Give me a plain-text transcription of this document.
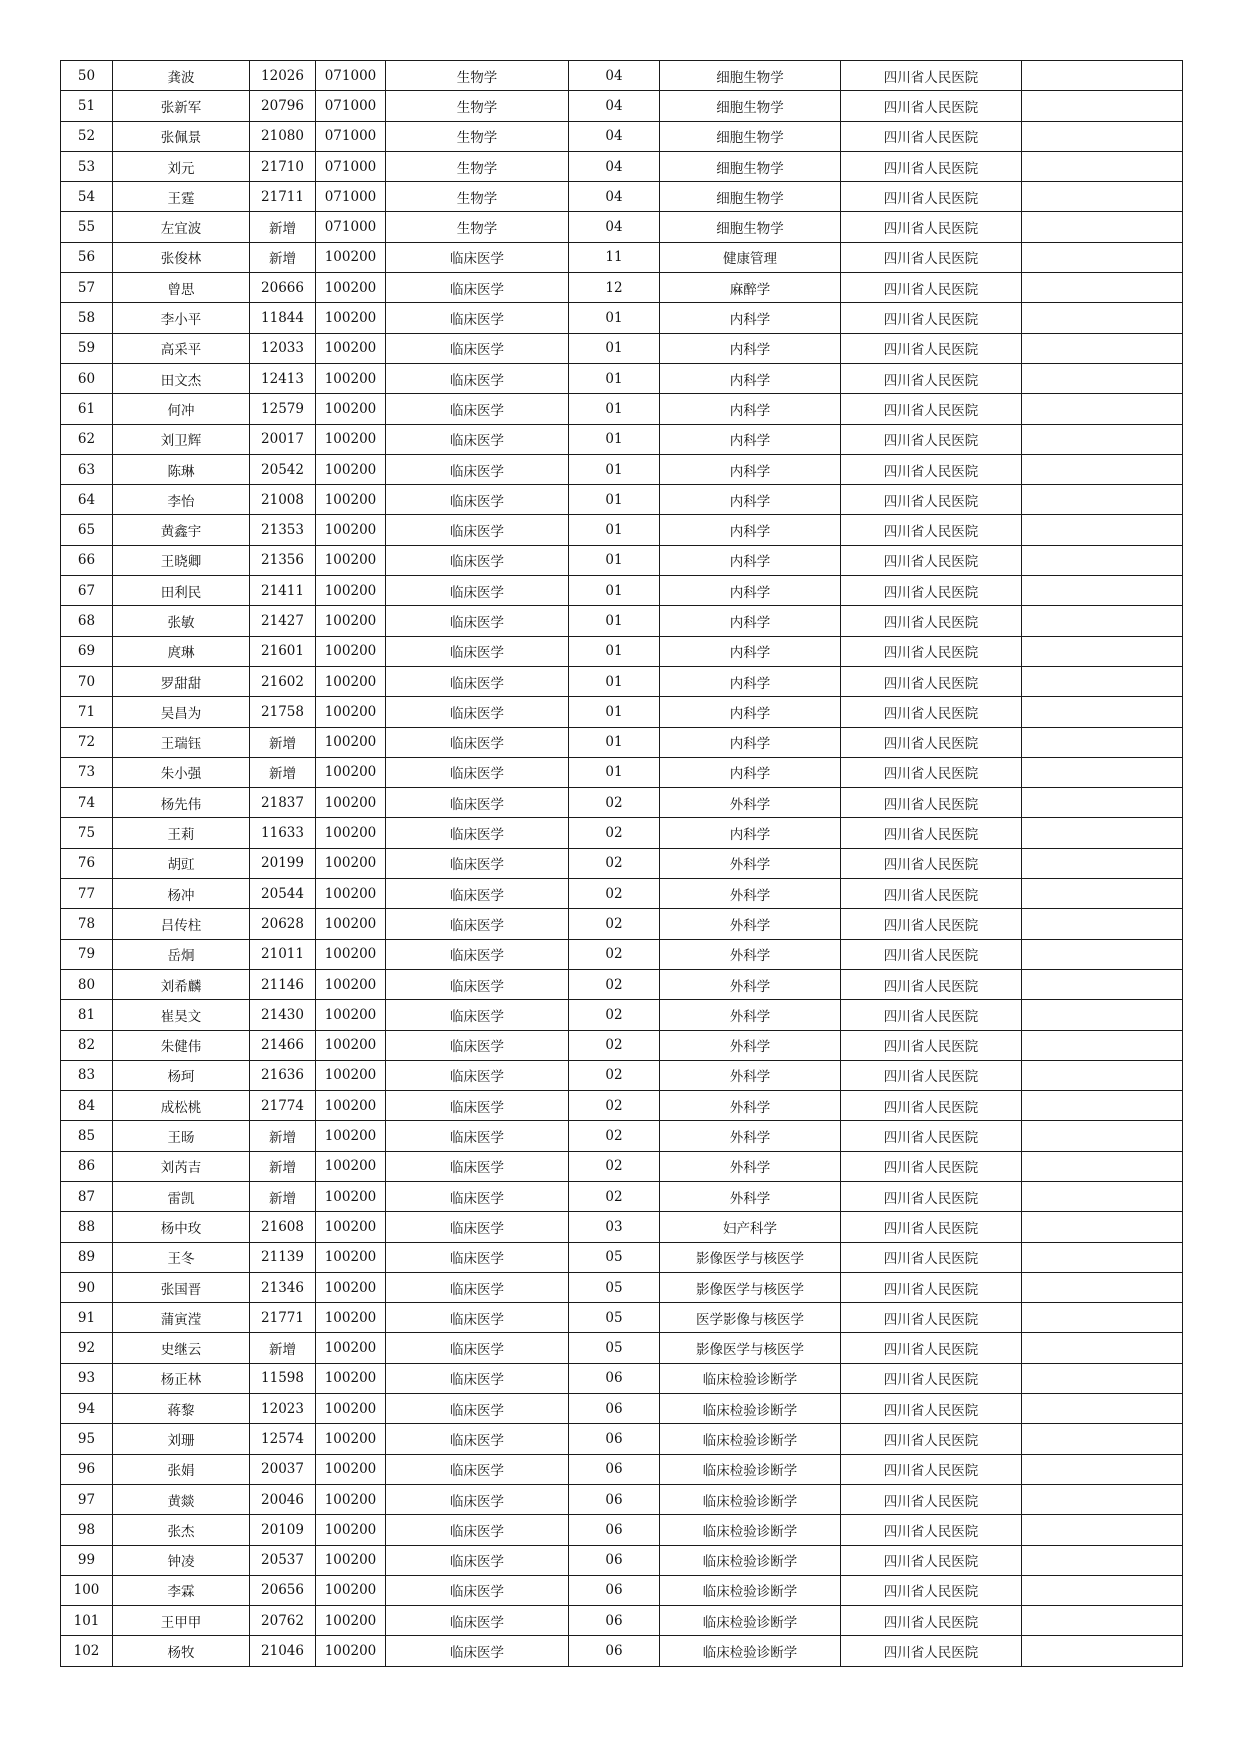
50	龚波	12026	071000	生物学	04	细胞生物学	四川省人民医院	
51	张新军	20796	071000	生物学	04	细胞生物学	四川省人民医院	
52	张佩景	21080	071000	生物学	04	细胞生物学	四川省人民医院	
53	刘元	21710	071000	生物学	04	细胞生物学	四川省人民医院	
54	王霆	21711	071000	生物学	04	细胞生物学	四川省人民医院	
55	左宜波	新增	071000	生物学	04	细胞生物学	四川省人民医院	
56	张俊林	新增	100200	临床医学	11	健康管理	四川省人民医院	
57	曾思	20666	100200	临床医学	12	麻醉学	四川省人民医院	
58	李小平	11844	100200	临床医学	01	内科学	四川省人民医院	
59	高采平	12033	100200	临床医学	01	内科学	四川省人民医院	
60	田文杰	12413	100200	临床医学	01	内科学	四川省人民医院	
61	何冲	12579	100200	临床医学	01	内科学	四川省人民医院	
62	刘卫辉	20017	100200	临床医学	01	内科学	四川省人民医院	
63	陈琳	20542	100200	临床医学	01	内科学	四川省人民医院	
64	李怡	21008	100200	临床医学	01	内科学	四川省人民医院	
65	黄鑫宇	21353	100200	临床医学	01	内科学	四川省人民医院	
66	王晓卿	21356	100200	临床医学	01	内科学	四川省人民医院	
67	田利民	21411	100200	临床医学	01	内科学	四川省人民医院	
68	张敏	21427	100200	临床医学	01	内科学	四川省人民医院	
69	庹琳	21601	100200	临床医学	01	内科学	四川省人民医院	
70	罗甜甜	21602	100200	临床医学	01	内科学	四川省人民医院	
71	吴昌为	21758	100200	临床医学	01	内科学	四川省人民医院	
72	王瑞钰	新增	100200	临床医学	01	内科学	四川省人民医院	
73	朱小强	新增	100200	临床医学	01	内科学	四川省人民医院	
74	杨先伟	21837	100200	临床医学	02	外科学	四川省人民医院	
75	王莉	11633	100200	临床医学	02	内科学	四川省人民医院	
76	胡豇	20199	100200	临床医学	02	外科学	四川省人民医院	
77	杨冲	20544	100200	临床医学	02	外科学	四川省人民医院	
78	吕传柱	20628	100200	临床医学	02	外科学	四川省人民医院	
79	岳炯	21011	100200	临床医学	02	外科学	四川省人民医院	
80	刘希麟	21146	100200	临床医学	02	外科学	四川省人民医院	
81	崔昊文	21430	100200	临床医学	02	外科学	四川省人民医院	
82	朱健伟	21466	100200	临床医学	02	外科学	四川省人民医院	
83	杨珂	21636	100200	临床医学	02	外科学	四川省人民医院	
84	成松桃	21774	100200	临床医学	02	外科学	四川省人民医院	
85	王旸	新增	100200	临床医学	02	外科学	四川省人民医院	
86	刘芮吉	新增	100200	临床医学	02	外科学	四川省人民医院	
87	雷凯	新增	100200	临床医学	02	外科学	四川省人民医院	
88	杨中玫	21608	100200	临床医学	03	妇产科学	四川省人民医院	
89	王冬	21139	100200	临床医学	05	影像医学与核医学	四川省人民医院	
90	张国晋	21346	100200	临床医学	05	影像医学与核医学	四川省人民医院	
91	蒲寅滢	21771	100200	临床医学	05	医学影像与核医学	四川省人民医院	
92	史继云	新增	100200	临床医学	05	影像医学与核医学	四川省人民医院	
93	杨正林	11598	100200	临床医学	06	临床检验诊断学	四川省人民医院	
94	蒋黎	12023	100200	临床医学	06	临床检验诊断学	四川省人民医院	
95	刘珊	12574	100200	临床医学	06	临床检验诊断学	四川省人民医院	
96	张娟	20037	100200	临床医学	06	临床检验诊断学	四川省人民医院	
97	黄燚	20046	100200	临床医学	06	临床检验诊断学	四川省人民医院	
98	张杰	20109	100200	临床医学	06	临床检验诊断学	四川省人民医院	
99	钟凌	20537	100200	临床医学	06	临床检验诊断学	四川省人民医院	
100	李霖	20656	100200	临床医学	06	临床检验诊断学	四川省人民医院	
101	王甲甲	20762	100200	临床医学	06	临床检验诊断学	四川省人民医院	
102	杨牧	21046	100200	临床医学	06	临床检验诊断学	四川省人民医院	
